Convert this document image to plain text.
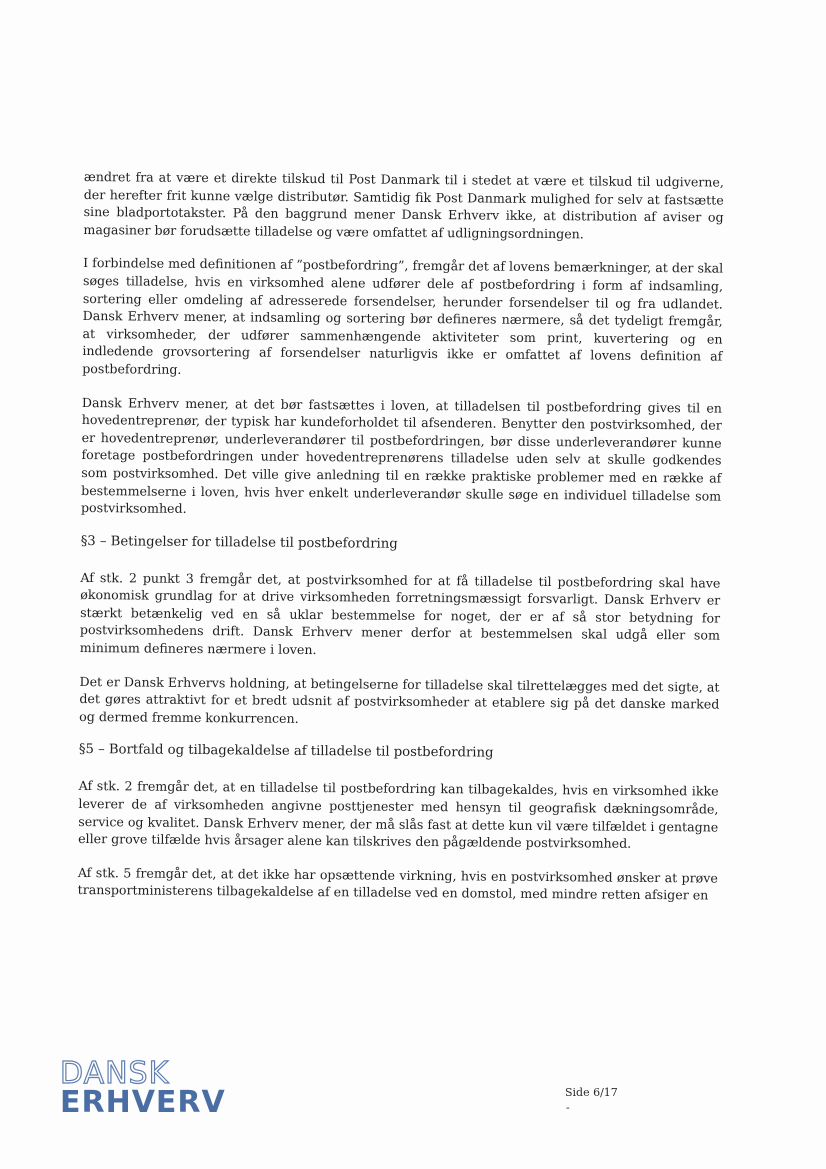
ændret fra at være et direkte tilskud til Post Danmark til i stedet at være et tilskud til udgiverne, der herefter frit kunne vælge distributør. Samtidig fik Post Danmark mulighed for selv at fastsætte sine bladportotakster. På den baggrund mener Dansk Erhverv ikke, at distribution af aviser og magasiner bør forudsætte tilladelse og være omfattet af udligningsordningen.

I forbindelse med definitionen af ”postbefordring”, fremgår det af lovens bemærkninger, at der skal søges tilladelse, hvis en virksomhed alene udfører dele af postbefordring i form af indsamling, sortering eller omdeling af adresserede forsendelser, herunder forsendelser til og fra udlandet. Dansk Erhverv mener, at indsamling og sortering bør defineres nærmere, så det tydeligt fremgår, at virksomheder, der udfører sammenhængende aktiviteter som print, kuvertering og en indledende grovsortering af forsendelser naturligvis ikke er omfattet af lovens definition af postbefordring.

Dansk Erhverv mener, at det bør fastsættes i loven, at tilladelsen til postbefordring gives til en hovedentreprenør, der typisk har kundeforholdet til afsenderen. Benytter den postvirksomhed, der er hovedentreprenør, underleverandører til postbefordringen, bør disse underleverandører kunne foretage postbefordringen under hovedentreprenørens tilladelse uden selv at skulle godkendes som postvirksomhed. Det ville give anledning til en række praktiske problemer med en række af bestemmelserne i loven, hvis hver enkelt underleverandør skulle søge en individuel tilladelse som postvirksomhed.

§3 – Betingelser for tilladelse til postbefordring

Af stk. 2 punkt 3 fremgår det, at postvirksomhed for at få tilladelse til postbefordring skal have økonomisk grundlag for at drive virksomheden forretningsmæssigt forsvarligt. Dansk Erhverv er stærkt betænkelig ved en så uklar bestemmelse for noget, der er af så stor betydning for postvirksomhedens drift. Dansk Erhverv mener derfor at bestemmelsen skal udgå eller som minimum defineres nærmere i loven.

Det er Dansk Erhvervs holdning, at betingelserne for tilladelse skal tilrettelægges med det sigte, at det gøres attraktivt for et bredt udsnit af postvirksomheder at etablere sig på det danske marked og dermed fremme konkurrencen.

§5 – Bortfald og tilbagekaldelse af tilladelse til postbefordring

Af stk. 2 fremgår det, at en tilladelse til postbefordring kan tilbagekaldes, hvis en virksomhed ikke leverer de af virksomheden angivne posttjenester med hensyn til geografisk dækningsområde, service og kvalitet. Dansk Erhverv mener, der må slås fast at dette kun vil være tilfældet i gentagne eller grove tilfælde hvis årsager alene kan tilskrives den pågældende postvirksomhed.

Af stk. 5 fremgår det, at det ikke har opsættende virkning, hvis en postvirksomhed ønsker at prøve transportministerens tilbagekaldelse af en tilladelse ved en domstol, med mindre retten afsiger en

DANSK
ERHVERV	Side 6/17
-
